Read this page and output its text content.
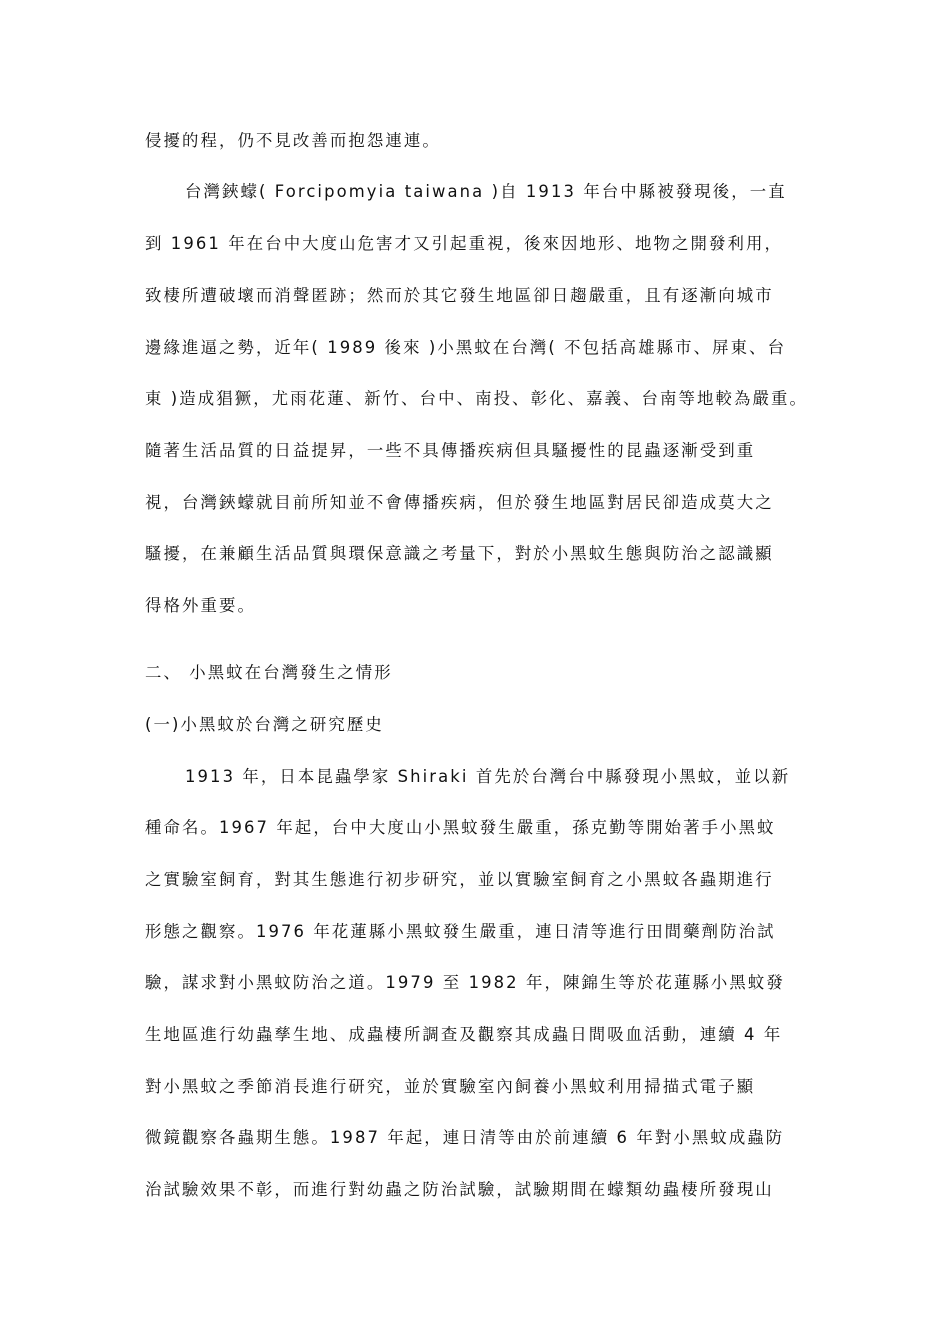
侵擾的程，仍不見改善而抱怨連連。
台灣鋏蠓( Forcipomyia taiwana )自 1913 年台中縣被發現後，一直
到 1961 年在台中大度山危害才又引起重視，後來因地形、地物之開發利用，
致棲所遭破壞而消聲匿跡；然而於其它發生地區卻日趨嚴重，且有逐漸向城市
邊緣進逼之勢，近年( 1989 後來 )小黑蚊在台灣( 不包括高雄縣市、屏東、台
東 )造成猖獗，尤雨花蓮、新竹、台中、南投、彰化、嘉義、台南等地較為嚴重。
隨著生活品質的日益提昇，一些不具傳播疾病但具騷擾性的昆蟲逐漸受到重
視，台灣鋏蠓就目前所知並不會傳播疾病，但於發生地區對居民卻造成莫大之
騷擾，在兼顧生活品質與環保意識之考量下，對於小黑蚊生態與防治之認識顯
得格外重要。
二、 小黑蚊在台灣發生之情形
(一)小黑蚊於台灣之研究歷史
1913 年，日本昆蟲學家 Shiraki 首先於台灣台中縣發現小黑蚊，並以新
種命名。1967 年起，台中大度山小黑蚊發生嚴重，孫克勤等開始著手小黑蚊
之實驗室飼育，對其生態進行初步研究，並以實驗室飼育之小黑蚊各蟲期進行
形態之觀察。1976 年花蓮縣小黑蚊發生嚴重，連日清等進行田間藥劑防治試
驗，謀求對小黑蚊防治之道。1979 至 1982 年，陳錦生等於花蓮縣小黑蚊發
生地區進行幼蟲孳生地、成蟲棲所調查及觀察其成蟲日間吸血活動，連續 4 年
對小黑蚊之季節消長進行研究，並於實驗室內飼養小黑蚊利用掃描式電子顯
微鏡觀察各蟲期生態。1987 年起，連日清等由於前連續 6 年對小黑蚊成蟲防
治試驗效果不彰，而進行對幼蟲之防治試驗，試驗期間在蠓類幼蟲棲所發現山
